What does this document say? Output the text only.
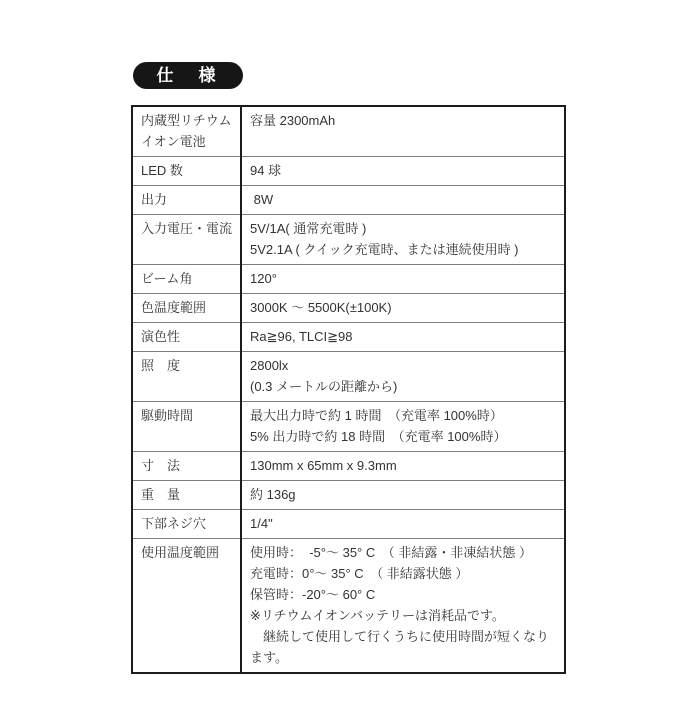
仕　様
内蔵型リチウム
イオン電池	容量 2300mAh

LED 数	94 球

出力	8W

入力電圧・電流	5V/1A( 通常充電時 )
5V2.1A ( クイック充電時、または連続使用時 )

ビーム角	120°

色温度範囲	3000K ～ 5500K(±100K)

演色性	Ra≧96, TLCI≧98

照　度	2800lx
(0.3 メートルの距離から)

駆動時間	最大出力時で約 1 時間　（充電率 100%時）
5% 出力時で約 18 時間　（充電率 100%時）

寸　法	130mm x 65mm x 9.3mm

重　量	約 136g

下部ネジ穴	1/4"

使用温度範囲	使用時：  -5°～ 35° C　（ 非結露・非凍結状態 ）
充電時：0°～ 35° C　（ 非結露状態 ）
保管時：-20°～ 60° C
※リチウムイオンバッテリーは消耗品です。
　継続して使用して行くうちに使用時間が短くなります。
